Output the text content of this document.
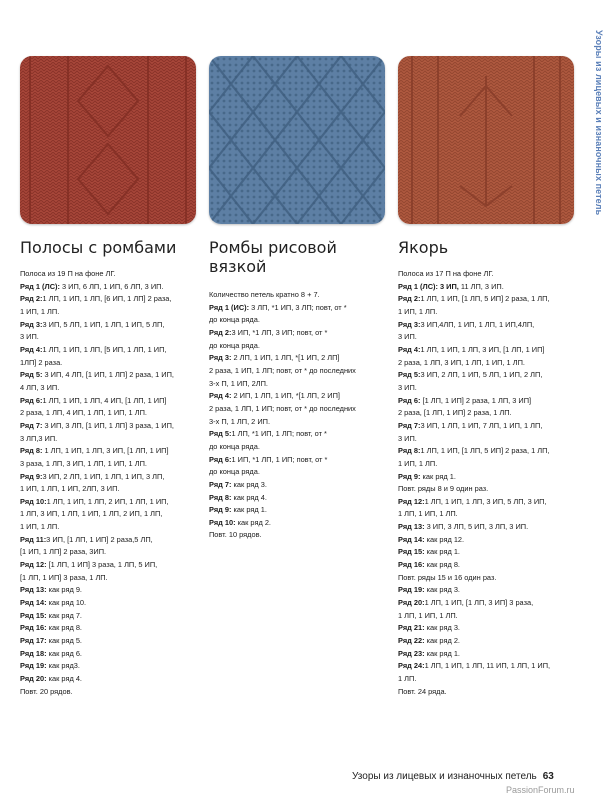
Полосы с ромбами
Полоса из 19 П на фоне ЛГ.
Ряд 1 (ЛС): 3 ИП, 6 ЛП, 1 ИП, 6 ЛП, 3 ИП.
Ряд 2:1 ЛП, 1 ИП, 1 ЛП, [6 ИП, 1 ЛП] 2 раза,
1 ИП, 1 ЛП.
Ряд 3:3 ИП, 5 ЛП, 1 ИП, 1 ЛП, 1 ИП, 5 ЛП,
3 ИП.
Ряд 4:1 ЛП, 1 ИП, 1 ЛП, [5 ИП, 1 ЛП, 1 ИП,
1ЛП] 2 раза.
Ряд 5: 3 ИП, 4 ЛП, [1 ИП, 1 ЛП] 2 раза, 1 ИП,
4 ЛП, 3 ИП.
Ряд 6:1 ЛП, 1 ИП, 1 ЛП, 4 ИП, [1 ЛП, 1 ИП]
2 раза, 1 ЛП, 4 ИП, 1 ЛП, 1 ИП, 1 ЛП.
Ряд 7: 3 ИП, 3 ЛП, [1 ИП, 1 ЛП] 3 раза, 1 ИП,
3 ЛП,3 ИП.
Ряд 8: 1 ЛП, 1 ИП, 1 ЛП, 3 ИП, [1 ЛП, 1 ИП]
3 раза, 1 ЛП, 3 ИП, 1 ЛП, 1 ИП, 1 ЛП.
Ряд 9:3 ИП, 2 ЛП, 1 ИП, 1 ЛП, 1 ИП, 3 ЛП,
1 ИП, 1 ЛП, 1 ИП, 2ЛП, 3 ИП.
Ряд 10:1 ЛП, 1 ИП, 1 ЛП, 2 ИП, 1 ЛП, 1 ИП,
1 ЛП, 3 ИП, 1 ЛП, 1 ИП, 1 ЛП, 2 ИП, 1 ЛП,
1 ИП, 1 ЛП.
Ряд 11:3 ИП, [1 ЛП, 1 ИП] 2 раза,5 ЛП,
[1 ИП, 1 ЛП] 2 раза, 3ИП.
Ряд 12: [1 ЛП, 1 ИП] 3 раза, 1 ЛП, 5 ИП,
[1 ЛП, 1 ИП] 3 раза, 1 ЛП.
Ряд 13: как ряд 9.
Ряд 14: как ряд 10.
Ряд 15: как ряд 7.
Ряд 16: как ряд 8.
Ряд 17: как ряд 5.
Ряд 18: как ряд 6.
Ряд 19: как ряд3.
Ряд 20: как ряд 4.
Повт. 20 рядов.
Ромбы рисовой
вязкой
Количество петель кратно 8 + 7.
Ряд 1 (ИС): 3 ЛП, *1 ИП, 3 ЛП; повт, от *
до конца ряда.
Ряд 2:3 ИП, *1 ЛП, 3 ИП; повт, от *
до конца ряда.
Ряд 3: 2 ЛП, 1 ИП, 1 ЛП, *[1 ИП, 2 ЛП]
2 раза, 1 ИП, 1 ЛП; повт, от * до последних
3-х П, 1 ИП, 2ЛП.
Ряд 4: 2 ИП, 1 ЛП, 1 ИП, *[1 ЛП, 2 ИП]
2 раза, 1 ЛП, 1 ИП; повт, от * до последних
3-х П, 1 ЛП, 2 ИП.
Ряд 5:1 ЛП, *1 ИП, 1 ЛП; повт, от *
до конца ряда.
Ряд 6:1 ИП, *1 ЛП, 1 ИП; повт, от *
до конца ряда.
Ряд 7: как ряд 3.
Ряд 8: как ряд 4.
Ряд 9: как ряд 1.
Ряд 10: как ряд 2.
Повт. 10 рядов.
Якорь
Полоса из 17 П на фоне ЛГ.
Ряд 1 (ЛС): 3 ИП, 11 ЛП, 3 ИП.
Ряд 2:1 ЛП, 1 ИП, [1 ЛП, 5 ИП] 2 раза, 1 ЛП,
1 ИП, 1 ЛП.
Ряд 3:3 ИП,4ЛП, 1 ИП, 1 ЛП, 1 ИП,4ЛП,
3 ИП.
Ряд 4:1 ЛП, 1 ИП, 1 ЛП, 3 ИП, [1 ЛП, 1 ИП]
2 раза, 1 ЛП, 3 ИП, 1 ЛП, 1 ИП, 1 ЛП.
Ряд 5:3 ИП, 2 ЛП, 1 ИП, 5 ЛП, 1 ИП, 2 ЛП,
3 ИП.
Ряд 6: [1 ЛП, 1 ИП] 2 раза, 1 ЛП, 3 ИП]
2 раза, [1 ЛП, 1 ИП] 2 раза, 1 ЛП.
Ряд 7:3 ИП, 1 ЛП, 1 ИП, 7 ЛП, 1 ИП, 1 ЛП,
3 ИП.
Ряд 8:1 ЛП, 1 ИП, [1 ЛП, 5 ИП] 2 раза, 1 ЛП,
1 ИП, 1 ЛП.
Ряд 9: как ряд 1.
Повт. ряды 8 и 9 один раз.
Ряд 12:1 ЛП, 1 ИП, 1 ЛП, 3 ИП, 5 ЛП, 3 ИП,
1 ЛП, 1 ИП, 1 ЛП.
Ряд 13: 3 ИП, 3 ЛП, 5 ИП, 3 ЛП, 3 ИП.
Ряд 14: как ряд 12.
Ряд 15: как ряд 1.
Ряд 16: как ряд 8.
Повт. ряды 15 и 16 один раз.
Ряд 19: как ряд 3.
Ряд 20:1 ЛП, 1 ИП, [1 ЛП, 3 ИП] 3 раза,
1 ЛП, 1 ИП, 1 ЛП.
Ряд 21: как ряд 3.
Ряд 22: как ряд 2.
Ряд 23: как ряд 1.
Ряд 24:1 ЛП, 1 ИП, 1 ЛП, 11 ИП, 1 ЛП, 1 ИП,
1 ЛП.
Повт. 24 ряда.
Узоры из лицевых и изнаночных петель
Узоры из лицевых и изнаночных петель 63
PassionForum.ru
